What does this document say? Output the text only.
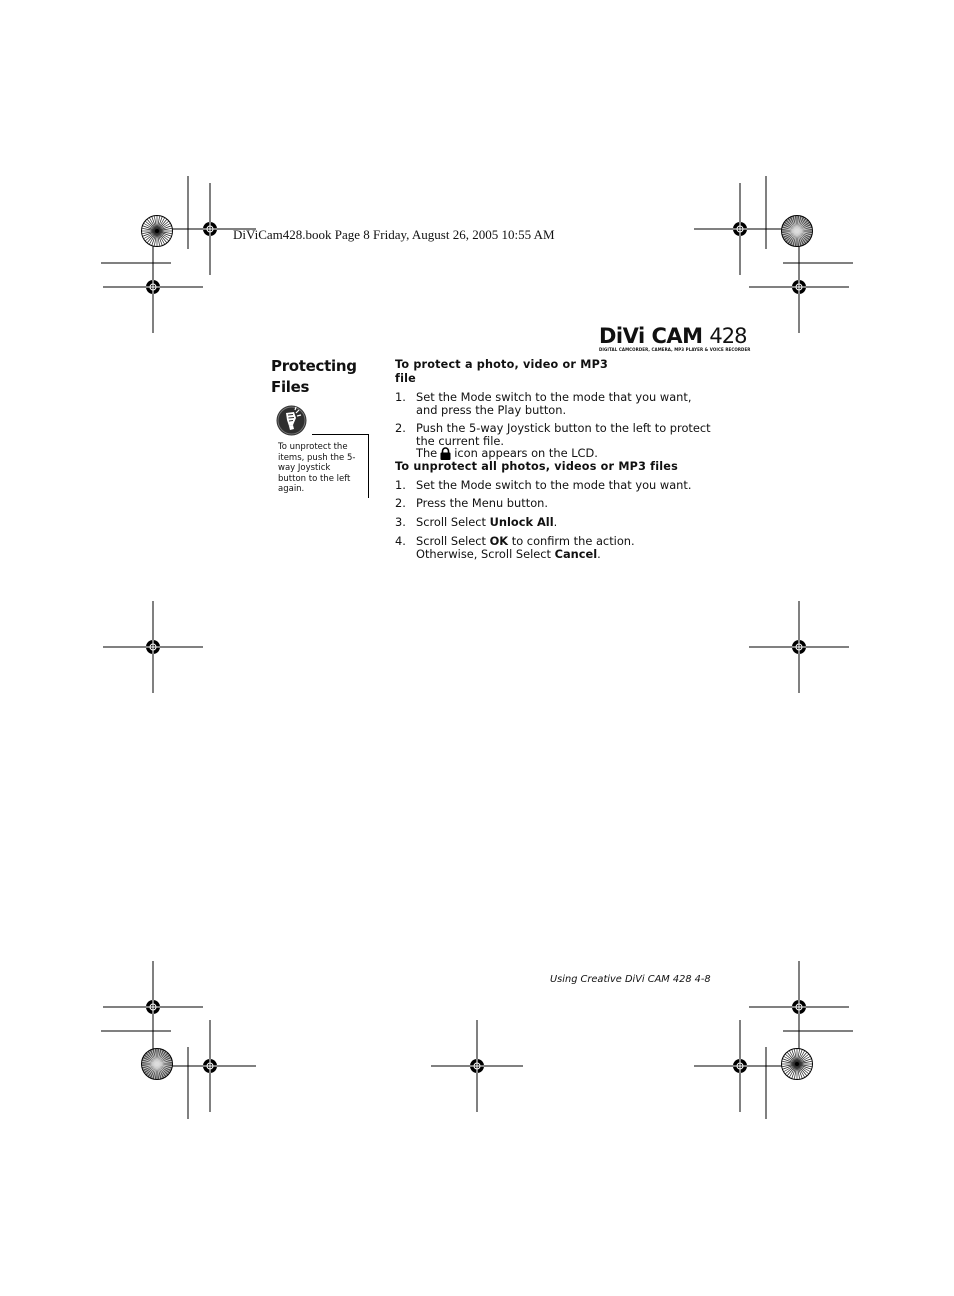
DiViCam428.book Page 8 Friday, August 26, 2005 10:55 AM
DiVi CAM 428
DIGITAL CAMCORDER, CAMERA, MP3 PLAYER & VOICE RECORDER
Protecting Files
To unprotect the items, push the 5-way Joystick button to the left again.
To protect a photo, video or MP3 file
1. Set the Mode switch to the mode that you want, and press the Play button.
2. Push the 5-way Joystick button to the left to protect the current file.
The icon appears on the LCD.
To unprotect all photos, videos or MP3 files
1. Set the Mode switch to the mode that you want.
2. Press the Menu button.
3. Scroll Select Unlock All.
4. Scroll Select OK to confirm the action.
Otherwise, Scroll Select Cancel.
Using Creative DiVi CAM 428 4-8
